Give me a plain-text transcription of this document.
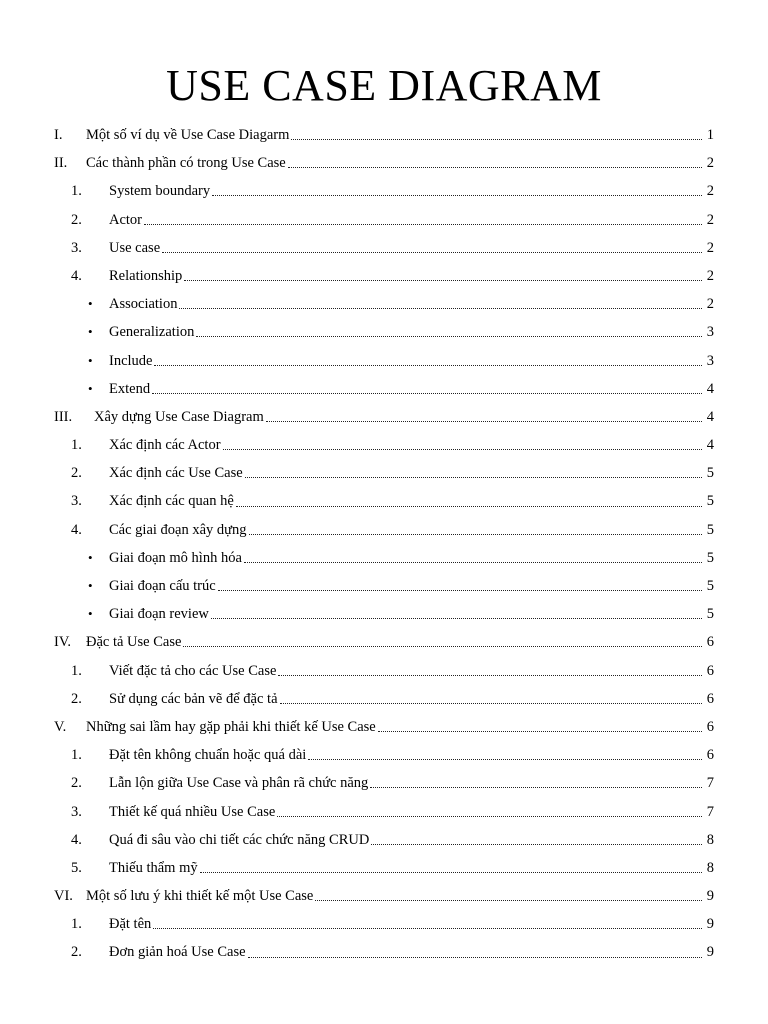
USE CASE DIAGRAM
I.	Một số ví dụ về Use Case Diagarm	1
II.	Các thành phần có trong Use Case	2
1.	System boundary	2
2.	Actor	2
3.	Use case	2
4.	Relationship	2
•	Association	2
•	Generalization	3
•	Include	3
•	Extend	4
III.	Xây dựng Use Case Diagram	4
1.	Xác định các Actor	4
2.	Xác định các Use Case	5
3.	Xác định các quan hệ	5
4.	Các giai đoạn xây dựng	5
•	Giai đoạn mô hình hóa	5
•	Giai đoạn cấu trúc	5
•	Giai đoạn review	5
IV.	Đặc tả Use Case	6
1.	Viết đặc tả cho các Use Case	6
2.	Sử dụng các bản vẽ để đặc tả	6
V.	Những sai lầm hay gặp phải khi thiết kế Use Case	6
1.	Đặt tên không chuẩn hoặc quá dài	6
2.	Lẫn lộn giữa Use Case và phân rã chức năng	7
3.	Thiết kế quá nhiều Use Case	7
4.	Quá đi sâu vào chi tiết các chức năng CRUD	8
5.	Thiếu thẩm mỹ	8
VI. Một số lưu ý khi thiết kế một Use Case	9
1.	Đặt tên	9
2.	Đơn giản hoá Use Case	9
